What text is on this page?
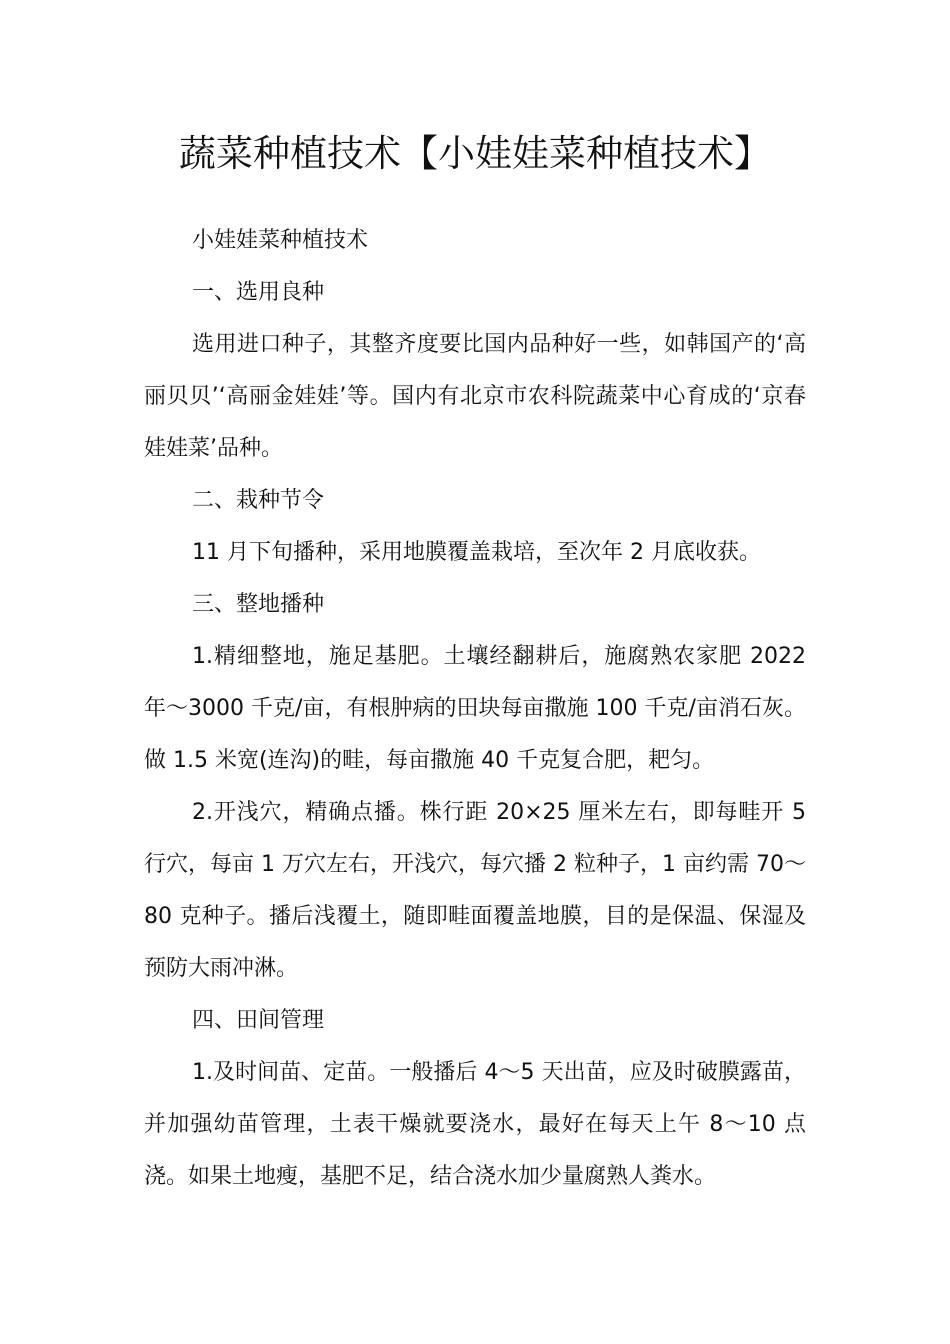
蔬菜种植技术【小娃娃菜种植技术】

小娃娃菜种植技术

一、选用良种

选用进口种子，其整齐度要比国内品种好一些，如韩国产的‘高丽贝贝’‘高丽金娃娃’等。国内有北京市农科院蔬菜中心育成的‘京春娃娃菜’品种。

二、栽种节令

11 月下旬播种，采用地膜覆盖栽培，至次年 2 月底收获。

三、整地播种

1.精细整地，施足基肥。土壤经翻耕后，施腐熟农家肥 2022 年～3000 千克/亩，有根肿病的田块每亩撒施 100 千克/亩消石灰。做 1.5 米宽(连沟)的畦，每亩撒施 40 千克复合肥，耙匀。

2.开浅穴，精确点播。株行距 20×25 厘米左右，即每畦开 5 行穴，每亩 1 万穴左右，开浅穴，每穴播 2 粒种子，1 亩约需 70～80 克种子。播后浅覆土，随即畦面覆盖地膜，目的是保温、保湿及预防大雨冲淋。

四、田间管理

1.及时间苗、定苗。一般播后 4～5 天出苗，应及时破膜露苗，并加强幼苗管理，土表干燥就要浇水，最好在每天上午 8～10 点浇。如果土地瘦，基肥不足，结合浇水加少量腐熟人粪水。
